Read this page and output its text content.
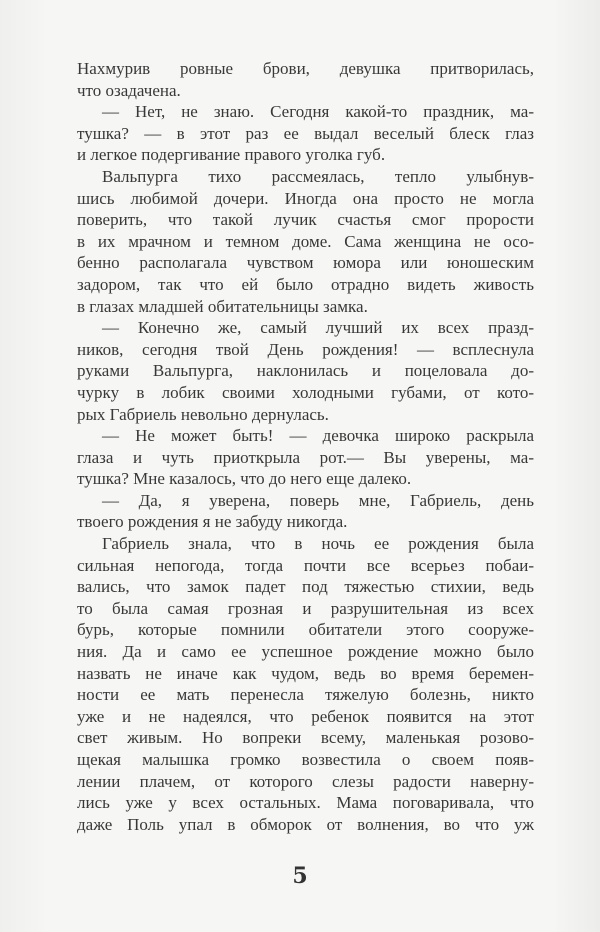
Нахмурив ровные брови, девушка притворилась,
что озадачена.
— Нет, не знаю. Сегодня какой-то праздник, ма-
тушка? — в этот раз ее выдал веселый блеск глаз
и легкое подергивание правого уголка губ.
Вальпурга тихо рассмеялась, тепло улыбнув-
шись любимой дочери. Иногда она просто не могла
поверить, что такой лучик счастья смог прорости
в их мрачном и темном доме. Сама женщина не осо-
бенно располагала чувством юмора или юношеским
задором, так что ей было отрадно видеть живость
в глазах младшей обитательницы замка.
— Конечно же, самый лучший их всех празд-
ников, сегодня твой День рождения! — всплеснула
руками Вальпурга, наклонилась и поцеловала до-
чурку в лобик своими холодными губами, от кото-
рых Габриель невольно дернулась.
— Не может быть! — девочка широко раскрыла
глаза и чуть приоткрыла рот.— Вы уверены, ма-
тушка? Мне казалось, что до него еще далеко.
— Да, я уверена, поверь мне, Габриель, день
твоего рождения я не забуду никогда.
Габриель знала, что в ночь ее рождения была
сильная непогода, тогда почти все всерьез побаи-
вались, что замок падет под тяжестью стихии, ведь
то была самая грозная и разрушительная из всех
бурь, которые помнили обитатели этого сооруже-
ния. Да и само ее успешное рождение можно было
назвать не иначе как чудом, ведь во время беремен-
ности ее мать перенесла тяжелую болезнь, никто
уже и не надеялся, что ребенок появится на этот
свет живым. Но вопреки всему, маленькая розово-
щекая малышка громко возвестила о своем появ-
лении плачем, от которого слезы радости наверну-
лись уже у всех остальных. Мама поговаривала, что
даже Поль упал в обморок от волнения, во что уж
5
